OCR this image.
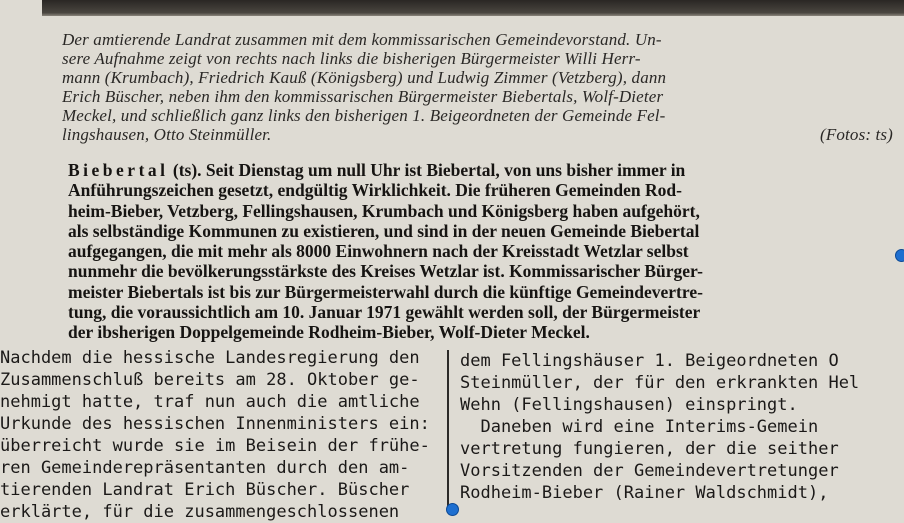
Der amtierende Landrat zusammen mit dem kommissarischen Gemeindevorstand. Un-
sere Aufnahme zeigt von rechts nach links die bisherigen Bürgermeister Willi Herr-
mann (Krumbach), Friedrich Kauß (Königsberg) und Ludwig Zimmer (Vetzberg), dann
Erich Büscher, neben ihm den kommissarischen Bürgermeister Biebertals, Wolf-Dieter
Meckel, und schließlich ganz links den bisherigen 1. Beigeordneten der Gemeinde Fel-
lingshausen, Otto Steinmüller.	(Fotos: ts)
Biebertal (ts). Seit Dienstag um null Uhr ist Biebertal, von uns bisher immer in
Anführungszeichen gesetzt, endgültig Wirklichkeit. Die früheren Gemeinden Rod-
heim-Bieber, Vetzberg, Fellingshausen, Krumbach und Königsberg haben aufgehört,
als selbständige Kommunen zu existieren, und sind in der neuen Gemeinde Biebertal
aufgegangen, die mit mehr als 8000 Einwohnern nach der Kreisstadt Wetzlar selbst
nunmehr die bevölkerungsstärkste des Kreises Wetzlar ist. Kommissarischer Bürger-
meister Biebertals ist bis zur Bürgermeisterwahl durch die künftige Gemeindevertre-
tung, die voraussichtlich am 10. Januar 1971 gewählt werden soll, der Bürgermeister
der ibsherigen Doppelgemeinde Rodheim-Bieber, Wolf-Dieter Meckel.
Nachdem die hessische Landesregierung den
Zusammenschluß bereits am 28. Oktober ge-
nehmigt hatte, traf nun auch die amtliche
Urkunde des hessischen Innenministers ein:
überreicht wurde sie im Beisein der frühe-
ren Gemeinderepräsentanten durch den am-
tierenden Landrat Erich Büscher. Büscher
erklärte, für die zusammengeschlossenen
dem Fellingshäuser 1. Beigeordneten O
Steinmüller, der für den erkrankten Hel
Wehn (Fellingshausen) einspringt.
Daneben wird eine Interims-Gemein
vertretung fungieren, der die seither
Vorsitzenden der Gemeindevertretunger
Rodheim-Bieber (Rainer Waldschmidt),
